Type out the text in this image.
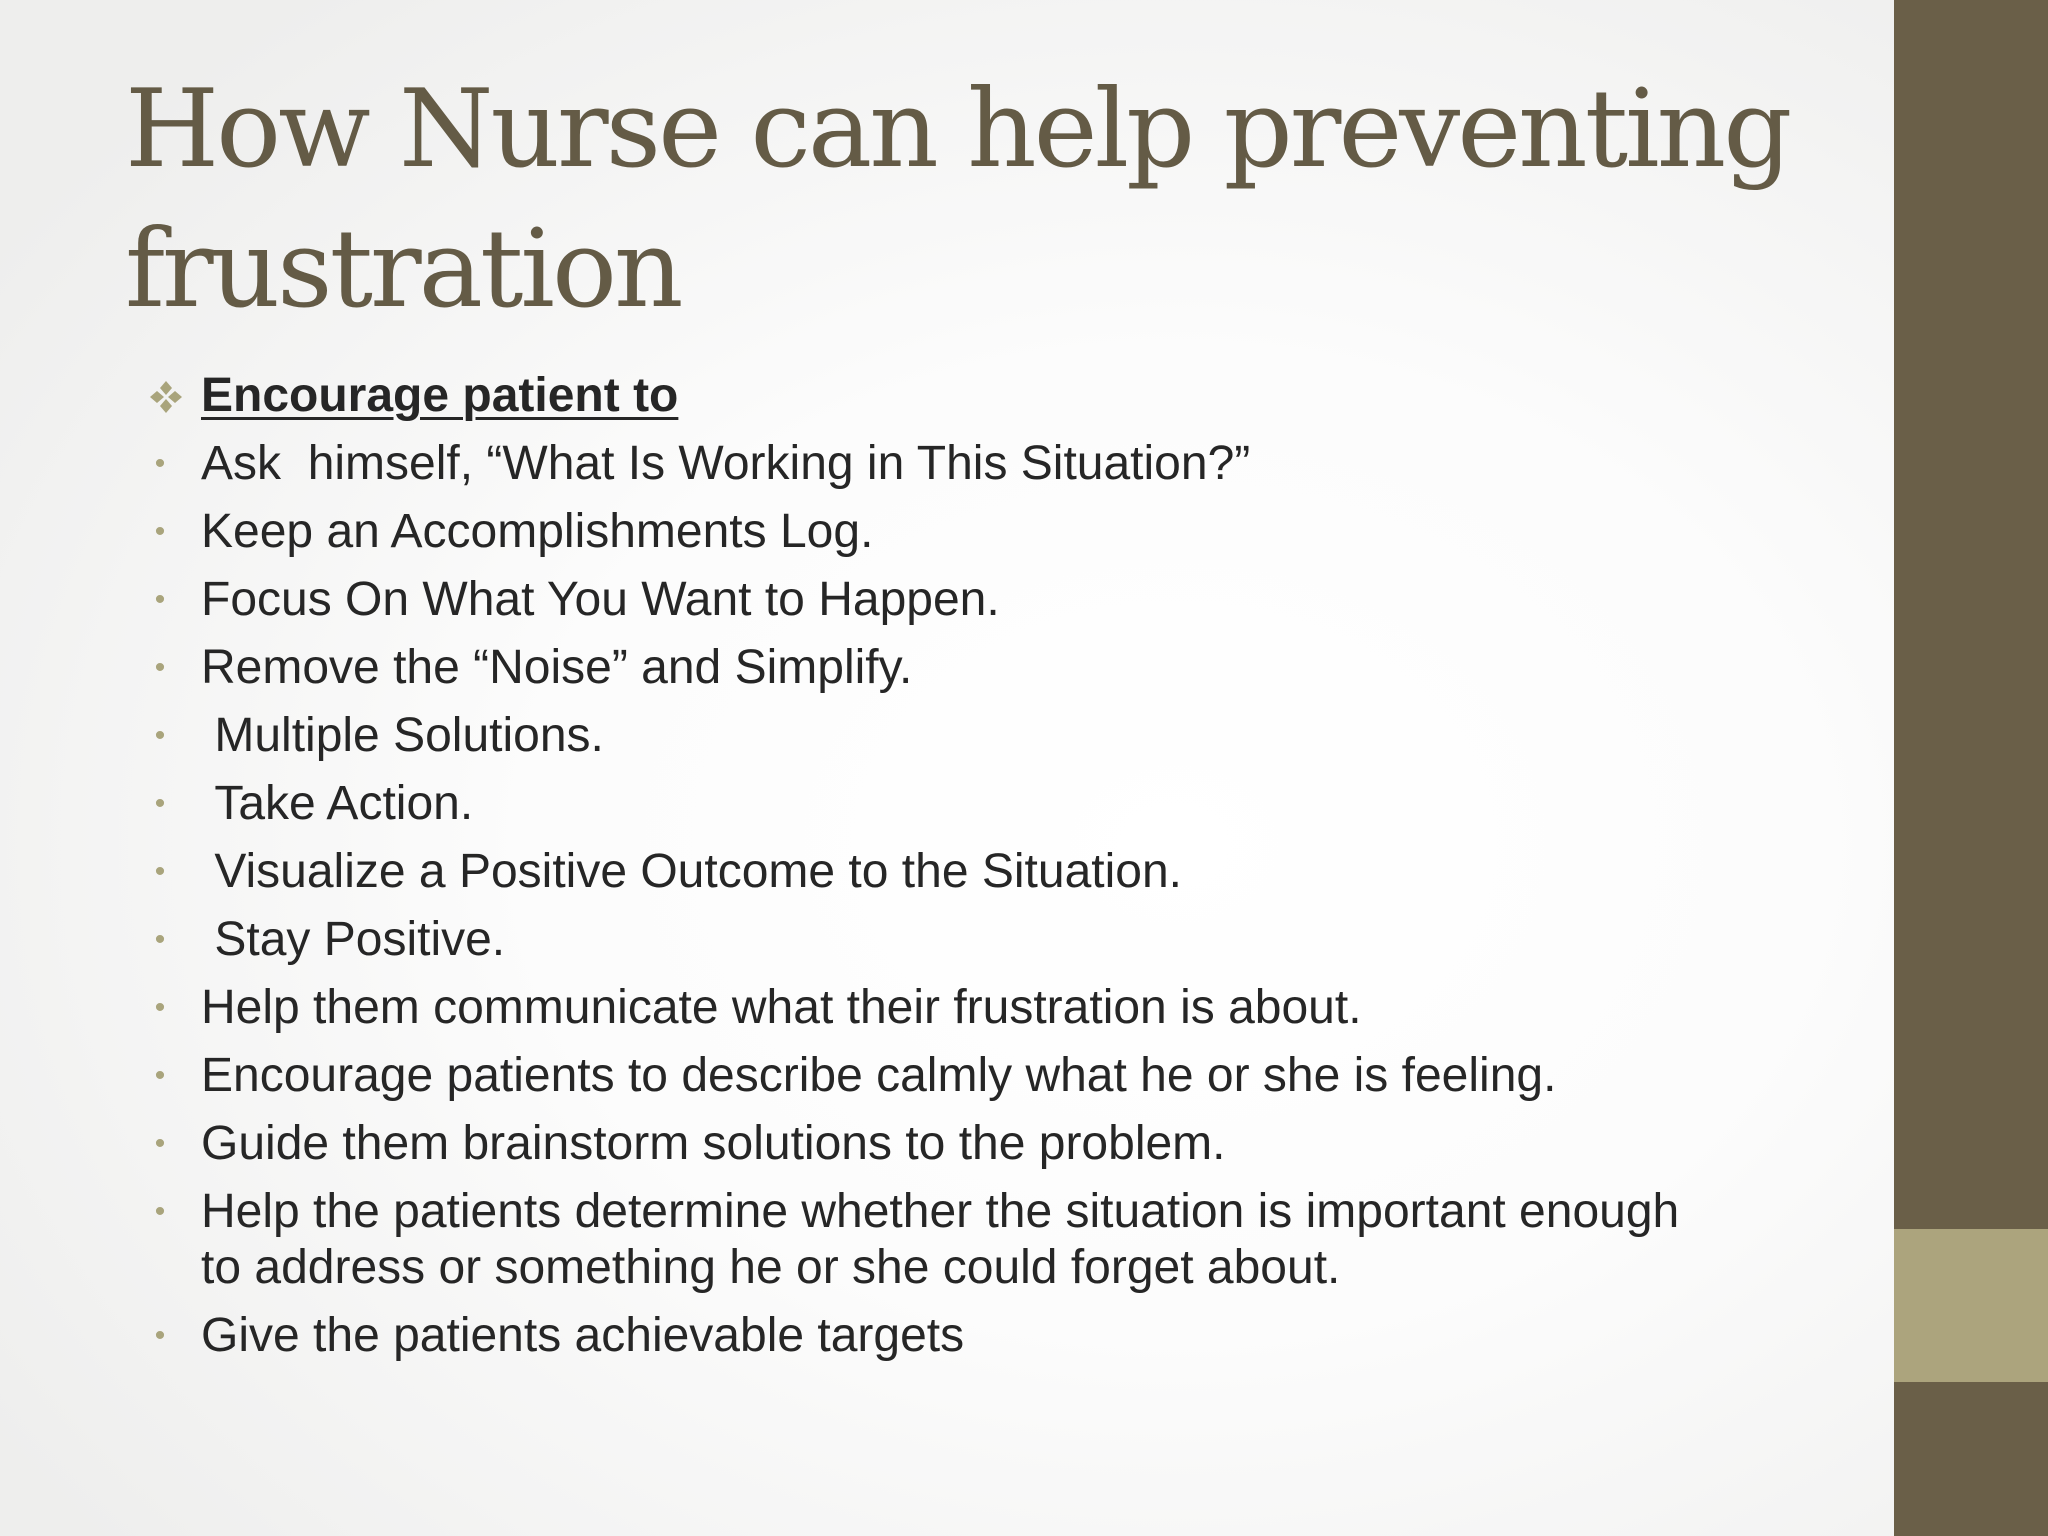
How Nurse can help preventing frustration
Encourage patient to
• Ask  himself, “What Is Working in This Situation?”
• Keep an Accomplishments Log.
• Focus On What You Want to Happen.
• Remove the “Noise” and Simplify.
• Multiple Solutions.
• Take Action.
• Visualize a Positive Outcome to the Situation.
• Stay Positive.
• Help them communicate what their frustration is about.
• Encourage patients to describe calmly what he or she is feeling.
• Guide them brainstorm solutions to the problem.
• Help the patients determine whether the situation is important enough to address or something he or she could forget about.
• Give the patients achievable targets
